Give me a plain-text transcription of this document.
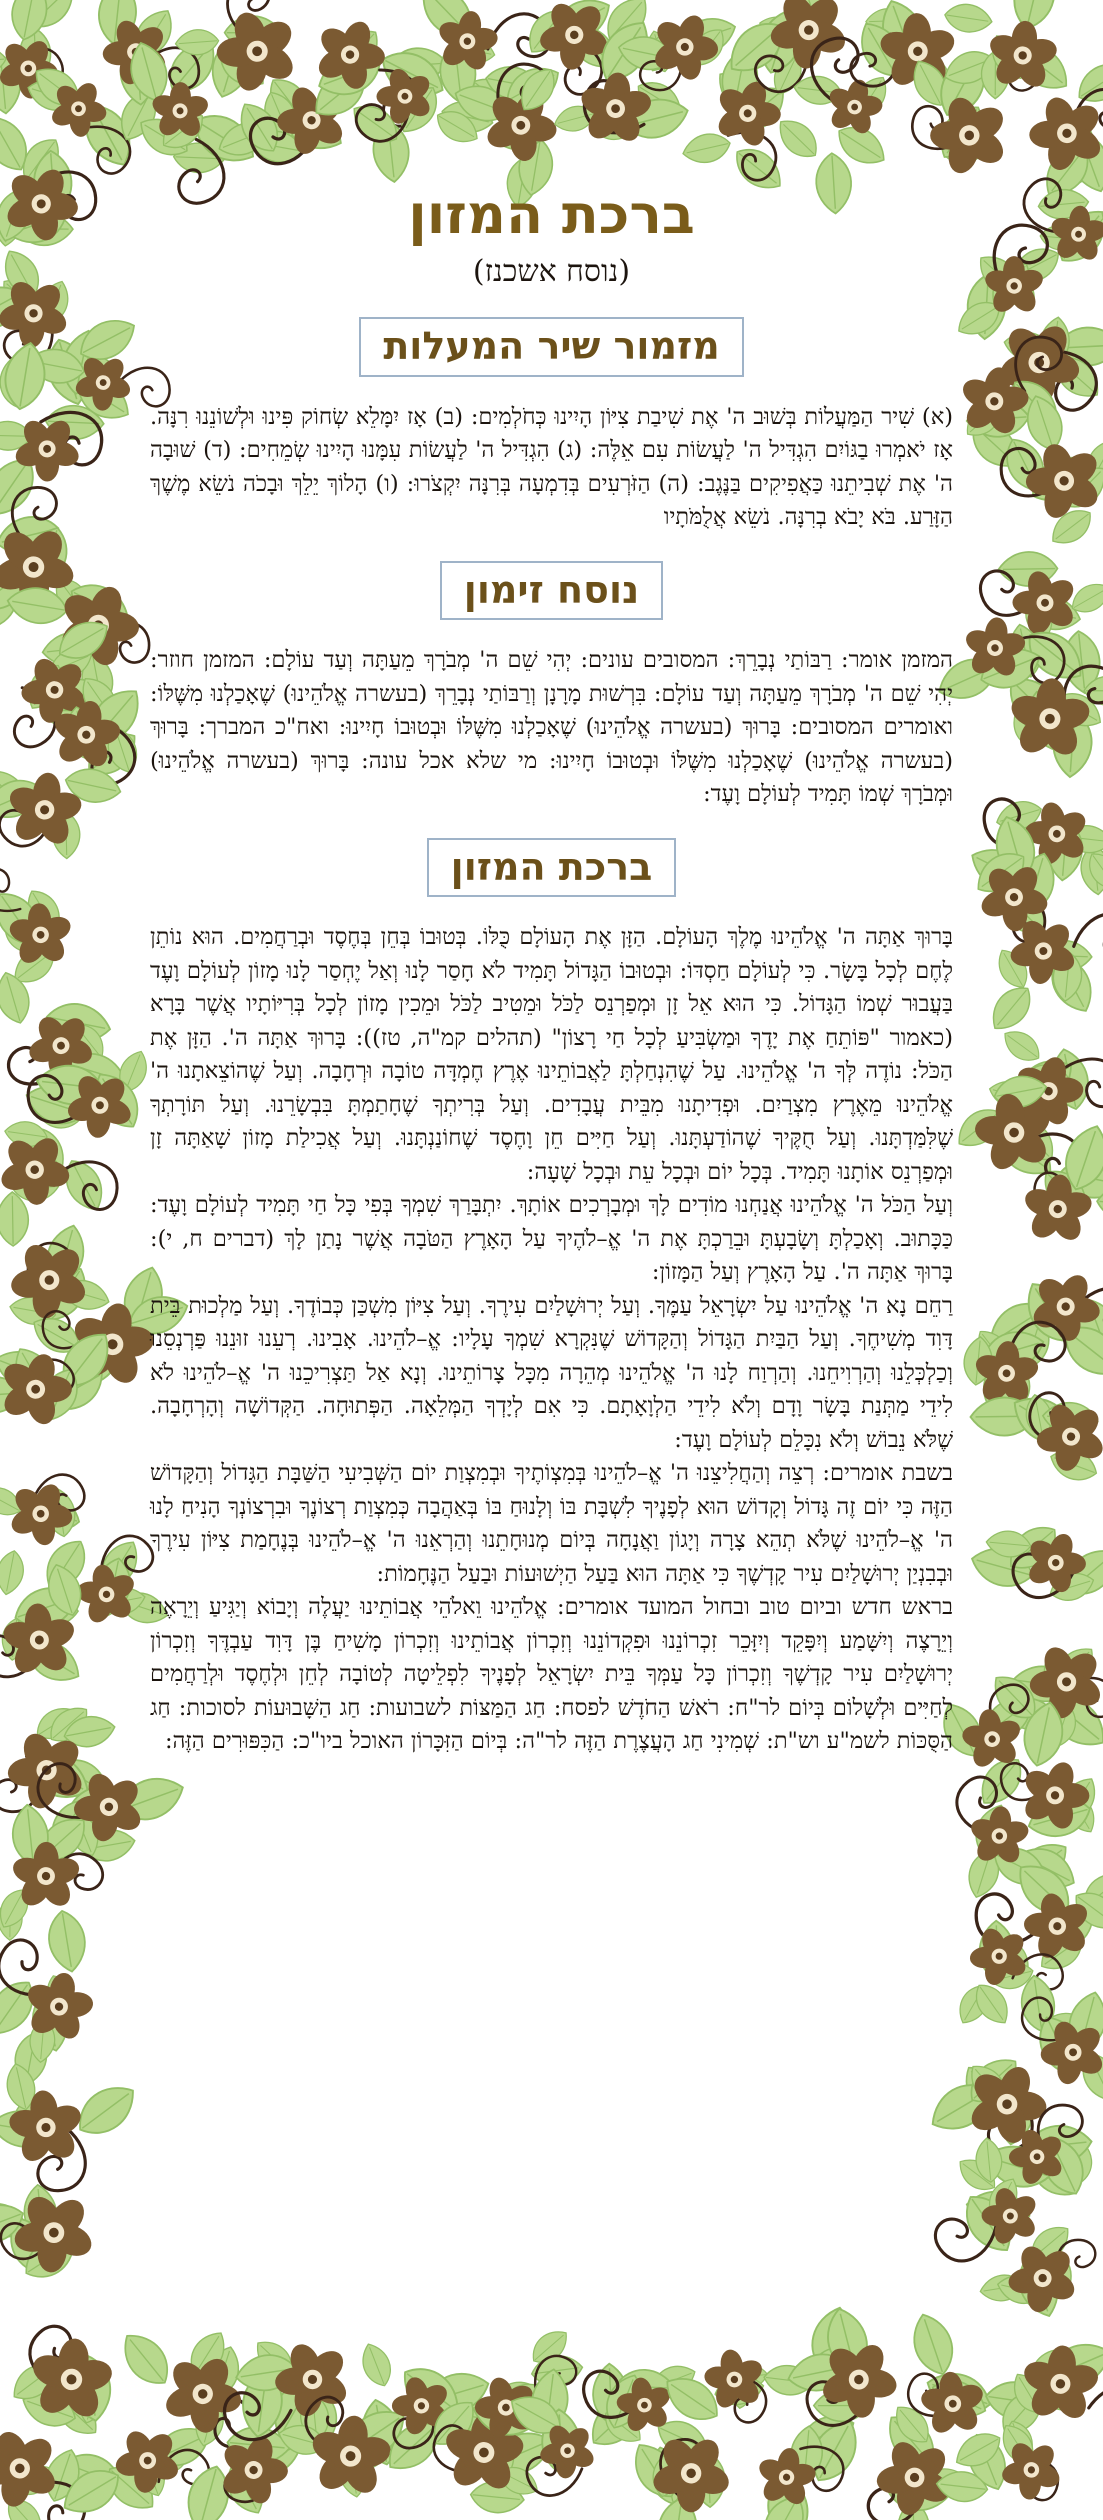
ברכת המזון
(נוסח אשכנז)
מזמור שיר המעלות

(א) שִׁיר הַמַּעֲלוֹת בְּשׁוּב ה' אֶת שִׁיבַת צִיּוֹן הָיִינוּ כְּחֹלְמִים: (ב) אָז יִמָּלֵא שְׂחוֹק פִּינוּ וּלְשׁוֹנֵנוּ רִנָּה. אָז יֹאמְרוּ בַגּוֹיִם הִגְדִּיל ה' לַעֲשׂוֹת עִם אֵלֶּה: (ג) הִגְדִּיל ה' לַעֲשׂוֹת עִמָּנוּ הָיִינוּ שְׂמֵחִים: (ד) שׁוּבָה ה' אֶת שְׁבִיתֵנוּ כַּאֲפִיקִים בַּנֶּגֶב: (ה) הַזֹּרְעִים בְּדִמְעָה בְּרִנָּה יִקְצֹרוּ: (ו) הָלוֹךְ יֵלֵךְ וּבָכֹה נֹשֵׂא מֶשֶׁךְ הַזָּרַע. בֹּא יָבֹא בְרִנָּה. נֹשֵׂא אֲלֻמֹּתָיו

נוסח זימון

המזמן אומר: רַבּוֹתַי נְבָרֵךְ: המסובים עונים: יְהִי שֵׁם ה' מְבֹרָךְ מֵעַתָּה וְעַד עוֹלָם: המזמן חוזר: יְהִי שֵׁם ה' מְבֹרָךְ מֵעַתָּה וְעַד עוֹלָם: בִּרְשׁוּת מָרָנָן וְרַבּוֹתַי נְבָרֵךְ (בעשרה אֱלֹהֵינוּ) שֶׁאָכַלְנוּ מִשֶּׁלּוֹ: ואומרים המסובים: בָּרוּךְ (בעשרה אֱלֹהֵינוּ) שֶׁאָכַלְנוּ מִשֶּׁלּוֹ וּבְטוּבוֹ חָיִינוּ: ואח"כ המברך: בָּרוּךְ (בעשרה אֱלֹהֵינוּ) שֶׁאָכַלְנוּ מִשֶּׁלּוֹ וּבְטוּבוֹ חָיִינוּ: מי שלא אכל עונה: בָּרוּךְ (בעשרה אֱלֹהֵינוּ) וּמְבֹרָךְ שְׁמוֹ תָּמִיד לְעוֹלָם וָעֶד:

ברכת המזון

בָּרוּךְ אַתָּה ה' אֱלֹהֵינוּ מֶלֶךְ הָעוֹלָם. הַזָּן אֶת הָעוֹלָם כֻּלּוֹ. בְּטוּבוֹ בְּחֵן בְּחֶסֶד וּבְרַחֲמִים. הוּא נוֹתֵן לֶחֶם לְכָל בָּשָׂר. כִּי לְעוֹלָם חַסְדּוֹ: וּבְטוּבוֹ הַגָּדוֹל תָּמִיד לֹא חָסַר לָנוּ וְאַל יֶחְסַר לָנוּ מָזוֹן לְעוֹלָם וָעֶד בַּעֲבוּר שְׁמוֹ הַגָּדוֹל. כִּי הוּא אֵל זָן וּמְפַרְנֵס לַכֹּל וּמֵטִיב לַכֹּל וּמֵכִין מָזוֹן לְכָל בְּרִיּוֹתָיו אֲשֶׁר בָּרָא (כאמור "פּוֹתֵחַ אֶת יָדֶךָ וּמַשְׂבִּיעַ לְכָל חַי רָצוֹן" (תהלים קמ"ה, טז)): בָּרוּךְ אַתָּה ה'. הַזָּן אֶת הַכֹּל: נוֹדֶה לְּךָ ה' אֱלֹהֵינוּ. עַל שֶׁהִנְחַלְתָּ לַאֲבוֹתֵינוּ אֶרֶץ חֶמְדָּה טוֹבָה וּרְחָבָה. וְעַל שֶׁהוֹצֵאתָנוּ ה' אֱלֹהֵינוּ מֵאֶרֶץ מִצְרַיִם. וּפְדִיתָנוּ מִבֵּית עֲבָדִים. וְעַל בְּרִיתְךָ שֶׁחָתַמְתָּ בִּבְשָׂרֵנוּ. וְעַל תּוֹרָתְךָ שֶׁלִּמַּדְתָּנוּ. וְעַל חֻקֶּיךָ שֶׁהוֹדַעְתָּנוּ. וְעַל חַיִּים חֵן וָחֶסֶד שֶׁחוֹנַנְתָּנוּ. וְעַל אֲכִילַת מָזוֹן שָׁאַתָּה זָן וּמְפַרְנֵס אוֹתָנוּ תָּמִיד. בְּכָל יוֹם וּבְכָל עֵת וּבְכָל שָׁעָה:

וְעַל הַכֹּל ה' אֱלֹהֵינוּ אֲנַחְנוּ מוֹדִים לָךְ וּמְבָרְכִים אוֹתָךְ. יִתְבָּרַךְ שִׁמְךָ בְּפִי כָּל חַי תָּמִיד לְעוֹלָם וָעֶד: כַּכָּתוּב. וְאָכַלְתָּ וְשָׂבָעְתָּ וּבֵרַכְתָּ אֶת ה' אֱ–לֹהֶיךָ עַל הָאָרֶץ הַטֹּבָה אֲשֶׁר נָתַן לָךְ (דברים ח, י): בָּרוּךְ אַתָּה ה'. עַל הָאָרֶץ וְעַל הַמָּזוֹן:

רַחֵם נָא ה' אֱלֹהֵינוּ עַל יִשְׂרָאֵל עַמֶּךָ. וְעַל יְרוּשָׁלַיִם עִירֶךָ. וְעַל צִיּוֹן מִשְׁכַּן כְּבוֹדֶךָ. וְעַל מַלְכוּת בֵּית דָּוִד מְשִׁיחֶךָ. וְעַל הַבַּיִת הַגָּדוֹל וְהַקָּדוֹשׁ שֶׁנִּקְרָא שִׁמְךָ עָלָיו: אֱ–לֹהֵינוּ. אָבִינוּ. רְעֵנוּ זוּנֵנוּ פַּרְנְסֵנוּ וְכַלְכְּלֵנוּ וְהַרְוִיחֵנוּ. וְהַרְוַח לָנוּ ה' אֱלֹהֵינוּ מְהֵרָה מִכָּל צָרוֹתֵינוּ. וְנָא אַל תַּצְרִיכֵנוּ ה' אֱ–לֹהֵינוּ לֹא לִידֵי מַתְּנַת בָּשָׂר וָדָם וְלֹא לִידֵי הַלְוָאָתָם. כִּי אִם לְיָדְךָ הַמְּלֵאָה. הַפְּתוּחָה. הַקְּדוֹשָׁה וְהָרְחָבָה. שֶׁלֹּא נֵבוֹשׁ וְלֹא נִכָּלֵם לְעוֹלָם וָעֶד:

בשבת אומרים: רְצֵה וְהַחֲלִיצֵנוּ ה' אֱ–לֹהֵינוּ בְּמִצְוֹתֶיךָ וּבְמִצְוַת יוֹם הַשְּׁבִיעִי הַשַּׁבָּת הַגָּדוֹל וְהַקָּדוֹשׁ הַזֶּה כִּי יוֹם זֶה גָּדוֹל וְקָדוֹשׁ הוּא לְפָנֶיךָ לִשְׁבָּת בּוֹ וְלָנוּחַ בּוֹ בְּאַהֲבָה כְּמִצְוַת רְצוֹנֶךָ וּבִרְצוֹנְךָ הָנִיחַ לָנוּ ה' אֱ–לֹהֵינוּ שֶׁלֹּא תְהֵא צָרָה וְיָגוֹן וַאֲנָחָה בְּיוֹם מְנוּחָתֵנוּ וְהַרְאֵנוּ ה' אֱ–לֹהֵינוּ בְּנֶחָמַת צִיּוֹן עִירֶךָ וּבְבִנְיַן יְרוּשָׁלַיִם עִיר קָדְשֶׁךָ כִּי אַתָּה הוּא בַּעַל הַיְשׁוּעוֹת וּבַעַל הַנֶּחָמוֹת:

בראש חדש וביום טוב ובחול המועד אומרים: אֱלֹהֵינוּ וֵאלֹהֵי אֲבוֹתֵינוּ יַעֲלֶה וְיָבוֹא וְיַגִּיעַ וְיֵרָאֶה וְיֵרָצֶה וְיִשָּׁמַע וְיִפָּקֵד וְיִזָּכֵר זִכְרוֹנֵנוּ וּפִקְדוֹנֵנוּ וְזִכְרוֹן אֲבוֹתֵינוּ וְזִכְרוֹן מָשִׁיחַ בֶּן דָּוִד עַבְדֶּךָ וְזִכְרוֹן יְרוּשָׁלַיִם עִיר קָדְשֶׁךָ וְזִכְרוֹן כָּל עַמְּךָ בֵּית יִשְׂרָאֵל לְפָנֶיךָ לִפְלֵיטָה לְטוֹבָה לְחֵן וּלְחֶסֶד וּלְרַחֲמִים לְחַיִּים וּלְשָׁלוֹם בְּיוֹם לר"ח: רֹאשׁ הַחֹדֶשׁ לפסח: חַג הַמַּצּוֹת לשבועות: חַג הַשָּׁבוּעוֹת לסוכות: חַג הַסֻּכּוֹת לשמ"ע וש"ת: שְׁמִינִי חַג הָעֲצֶרֶת הַזֶּה לר"ה: בְּיוֹם הַזִּכָּרוֹן האוכל ביו"כ: הַכִּפּוּרִים הַזֶּה:
